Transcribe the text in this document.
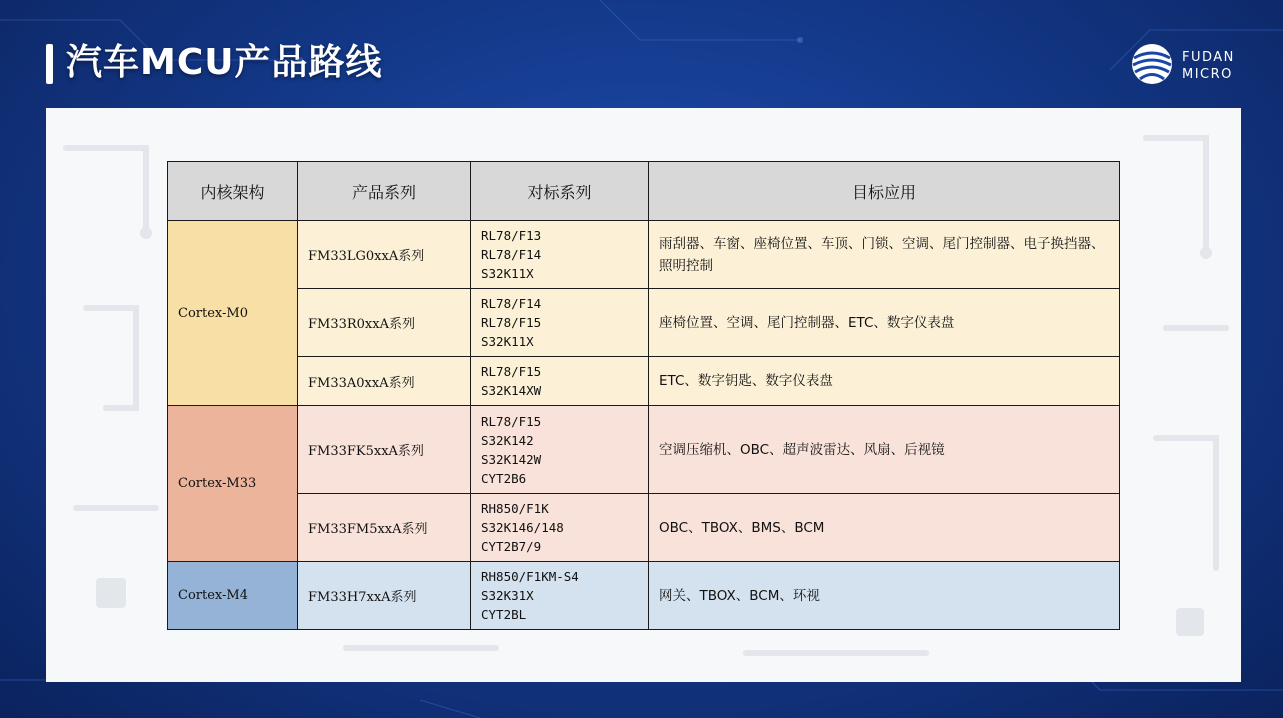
汽车MCU产品路线	FUDAN
MICRO
内核架构	产品系列	对标系列	目标应用
Cortex-M0	FM33LG0xxA系列	RL78/F13
RL78/F14
S32K11X	雨刮器、车窗、座椅位置、车顶、门锁、空调、尾门控制器、电子换挡器、照明控制
	FM33R0xxA系列	RL78/F14
RL78/F15
S32K11X	座椅位置、空调、尾门控制器、ETC、数字仪表盘
	FM33A0xxA系列	RL78/F15
S32K14XW	ETC、数字钥匙、数字仪表盘
Cortex-M33	FM33FK5xxA系列	RL78/F15
S32K142
S32K142W
CYT2B6	空调压缩机、OBC、超声波雷达、风扇、后视镜
	FM33FM5xxA系列	RH850/F1K
S32K146/148
CYT2B7/9	OBC、TBOX、BMS、BCM
Cortex-M4	FM33H7xxA系列	RH850/F1KM-S4
S32K31X
CYT2BL	网关、TBOX、BCM、环视
